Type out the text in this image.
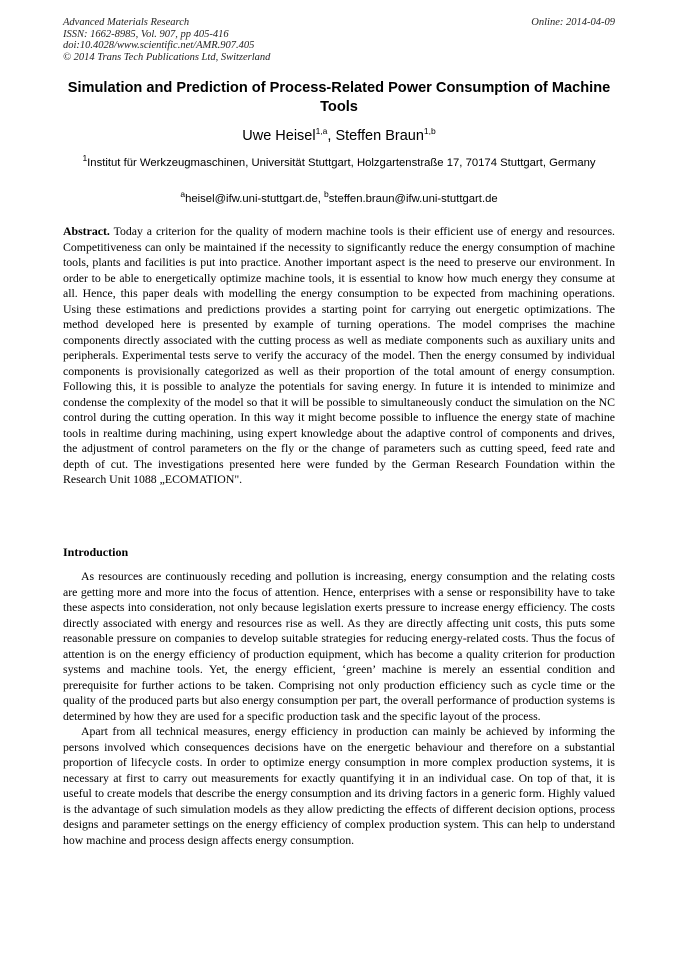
Advanced Materials Research
ISSN: 1662-8985, Vol. 907, pp 405-416
doi:10.4028/www.scientific.net/AMR.907.405
© 2014 Trans Tech Publications Ltd, Switzerland
Online: 2014-04-09
Simulation and Prediction of Process-Related Power Consumption of Machine Tools
Uwe Heisel$^{1,a}$, Steffen Braun$^{1,b}$
$^1$Institut für Werkzeugmaschinen, Universität Stuttgart, Holzgartenstraße 17, 70174 Stuttgart, Germany
$^a$heisel@ifw.uni-stuttgart.de, $^b$steffen.braun@ifw.uni-stuttgart.de
Abstract. Today a criterion for the quality of modern machine tools is their efficient use of energy and resources. Competitiveness can only be maintained if the necessity to significantly reduce the energy consumption of machine tools, plants and facilities is put into practice. Another important aspect is the need to preserve our environment. In order to be able to energetically optimize machine tools, it is essential to know how much energy they consume at all. Hence, this paper deals with modelling the energy consumption to be expected from machining operations. Using these estimations and predictions provides a starting point for carrying out energetic optimizations. The method developed here is presented by example of turning operations. The model comprises the machine components directly associated with the cutting process as well as mediate components such as auxiliary units and peripherals. Experimental tests serve to verify the accuracy of the model. Then the energy consumed by individual components is provisionally categorized as well as their proportion of the total amount of energy consumption. Following this, it is possible to analyze the potentials for saving energy. In future it is intended to minimize and condense the complexity of the model so that it will be possible to simultaneously conduct the simulation on the NC control during the cutting operation. In this way it might become possible to influence the energy state of machine tools in realtime during machining, using expert knowledge about the adaptive control of components and drives, the adjustment of control parameters on the fly or the change of parameters such as cutting speed, feed rate and depth of cut. The investigations presented here were funded by the German Research Foundation within the Research Unit 1088 „ECOMATION".
Introduction

As resources are continuously receding and pollution is increasing, energy consumption and the relating costs are getting more and more into the focus of attention. Hence, enterprises with a sense or responsibility have to take these aspects into consideration, not only because legislation exerts pressure to increase energy efficiency. The costs directly associated with energy and resources rise as well. As they are directly affecting unit costs, this puts some reasonable pressure on companies to develop suitable strategies for reducing energy-related costs. Thus the focus of attention is on the energy efficiency of production equipment, which has become a quality criterion for production systems and machine tools. Yet, the energy efficient, ‘green’ machine is merely an essential condition and prerequisite for further actions to be taken. Comprising not only production efficiency such as cycle time or the quality of the produced parts but also energy consumption per part, the overall performance of production systems is determined by how they are used for a specific production task and the specific layout of the process.

Apart from all technical measures, energy efficiency in production can mainly be achieved by informing the persons involved which consequences decisions have on the energetic behaviour and therefore on a substantial proportion of lifecycle costs. In order to optimize energy consumption in more complex production systems, it is necessary at first to carry out measurements for exactly quantifying it in an individual case. On top of that, it is useful to create models that describe the energy consumption and its driving factors in a generic form. Highly valued is the advantage of such simulation models as they allow predicting the effects of different decision options, process designs and parameter settings on the energy efficiency of complex production system. This can help to understand how machine and process design affects energy consumption.
